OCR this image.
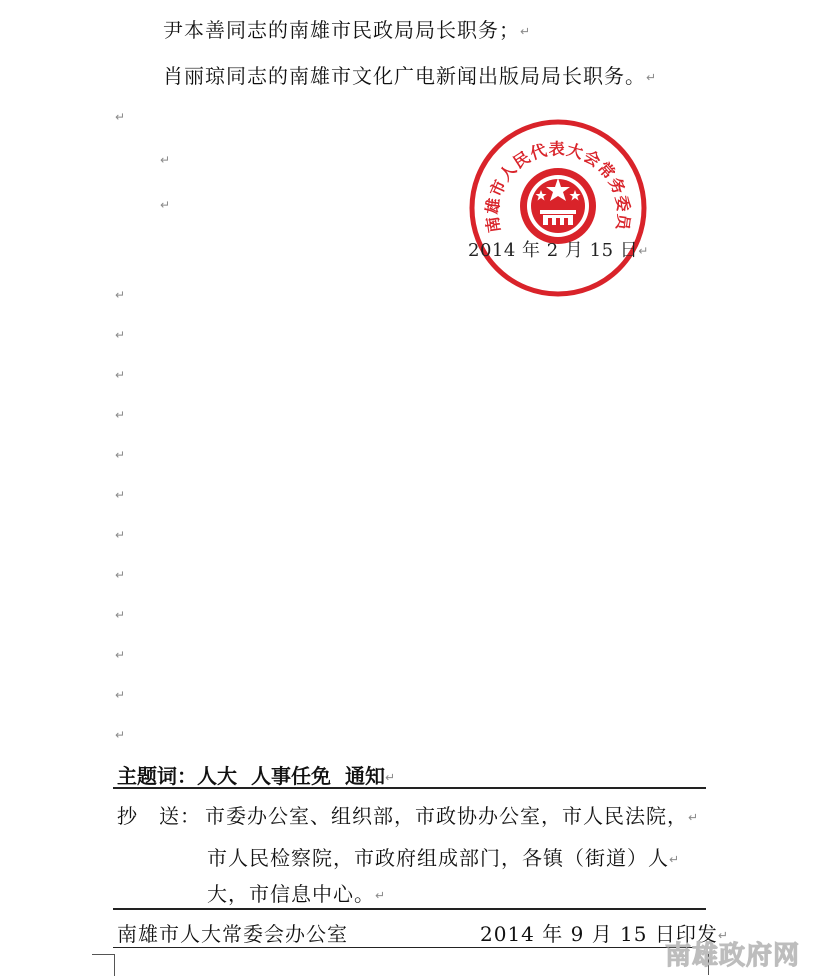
尹本善同志的南雄市民政局局长职务；↵
肖丽琼同志的南雄市文化广电新闻出版局局长职务。↵
↵
↵
↵
南雄市人民代表大会常务委员
2014 年 2 月 15 日↵
↵
↵
↵
↵
↵
↵
↵
↵
↵
↵
↵
↵
主题词：人大 人事任免 通知↵
抄　送： 市委办公室、组织部，市政协办公室，市人民法院，↵
市人民检察院，市政府组成部门，各镇（街道）人↵
大，市信息中心。↵
南雄市人大常委会办公室	2014 年 9 月 15 日印发↵
南雄政府网
